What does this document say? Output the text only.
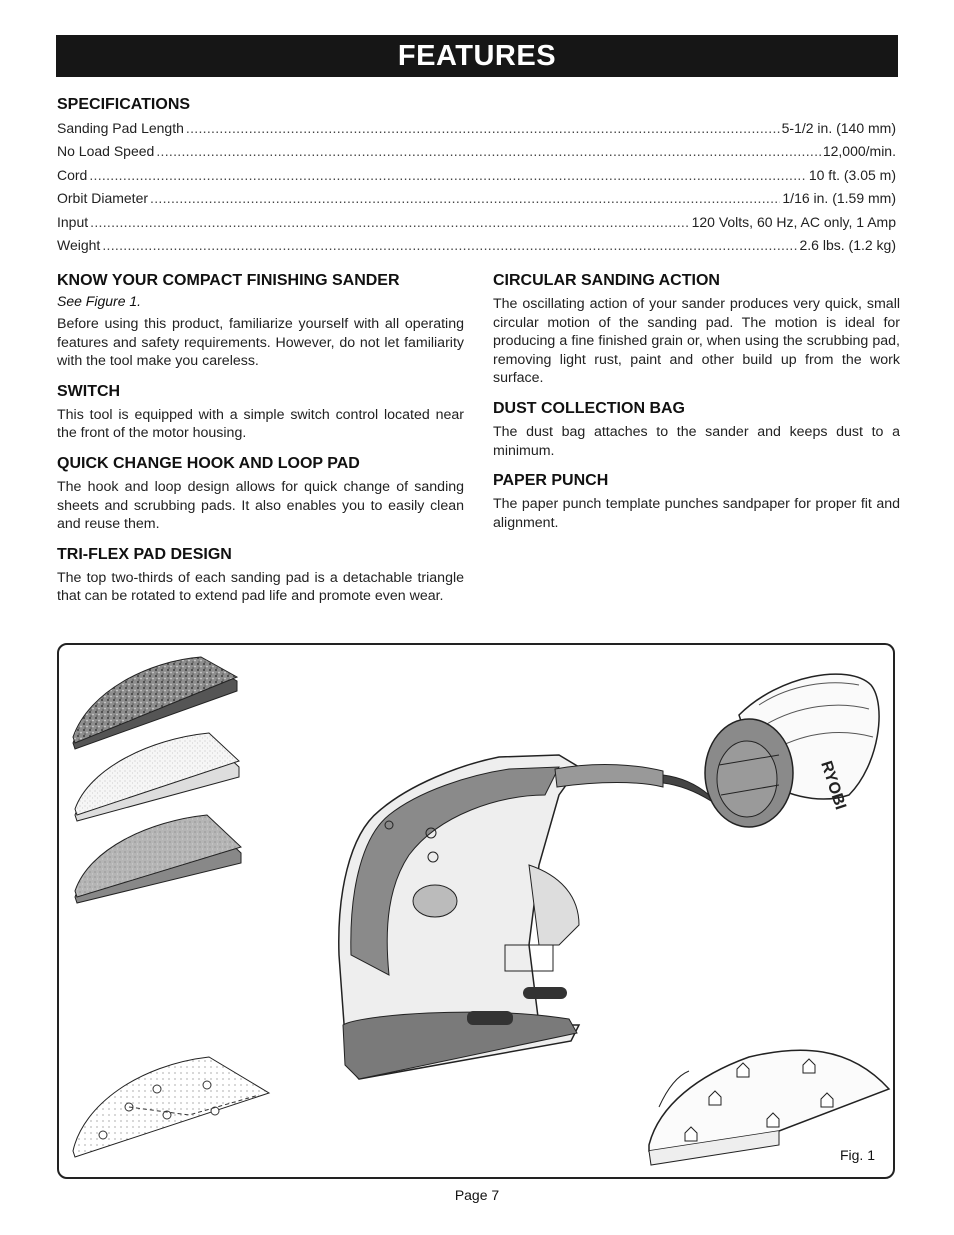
FEATURES
SPECIFICATIONS
Sanding Pad Length .....	5-1/2 in. (140 mm)
No Load Speed .....	12,000/min.
Cord .....	10 ft. (3.05 m)
Orbit Diameter .....	1/16 in. (1.59 mm)
Input .....	120 Volts, 60 Hz, AC only, 1 Amp
Weight .....	2.6 lbs. (1.2 kg)
KNOW YOUR COMPACT FINISHING SANDER
See Figure 1.

Before using this product, familiarize yourself with all operating features and safety requirements. However, do not let familiarity with the tool make you careless.

SWITCH

This tool is equipped with a simple switch control located near the front of the motor housing.

QUICK CHANGE HOOK AND LOOP PAD

The hook and loop design allows for quick change of sanding sheets and scrubbing pads. It also enables you to easily clean and reuse them.

TRI-FLEX PAD DESIGN

The top two-thirds of each sanding pad is a detachable triangle that can be rotated to extend pad life and promote even wear.

CIRCULAR SANDING ACTION

The oscillating action of your sander produces very quick, small circular motion of the sanding pad. The motion is ideal for producing a fine finished grain or, when using the scrubbing pad, removing light rust, paint and other build up from the work surface.

DUST COLLECTION BAG

The dust bag attaches to the sander and keeps dust to a minimum.

PAPER PUNCH

The paper punch template punches sandpaper for proper fit and alignment.

RYOBI
Fig. 1
Page 7
